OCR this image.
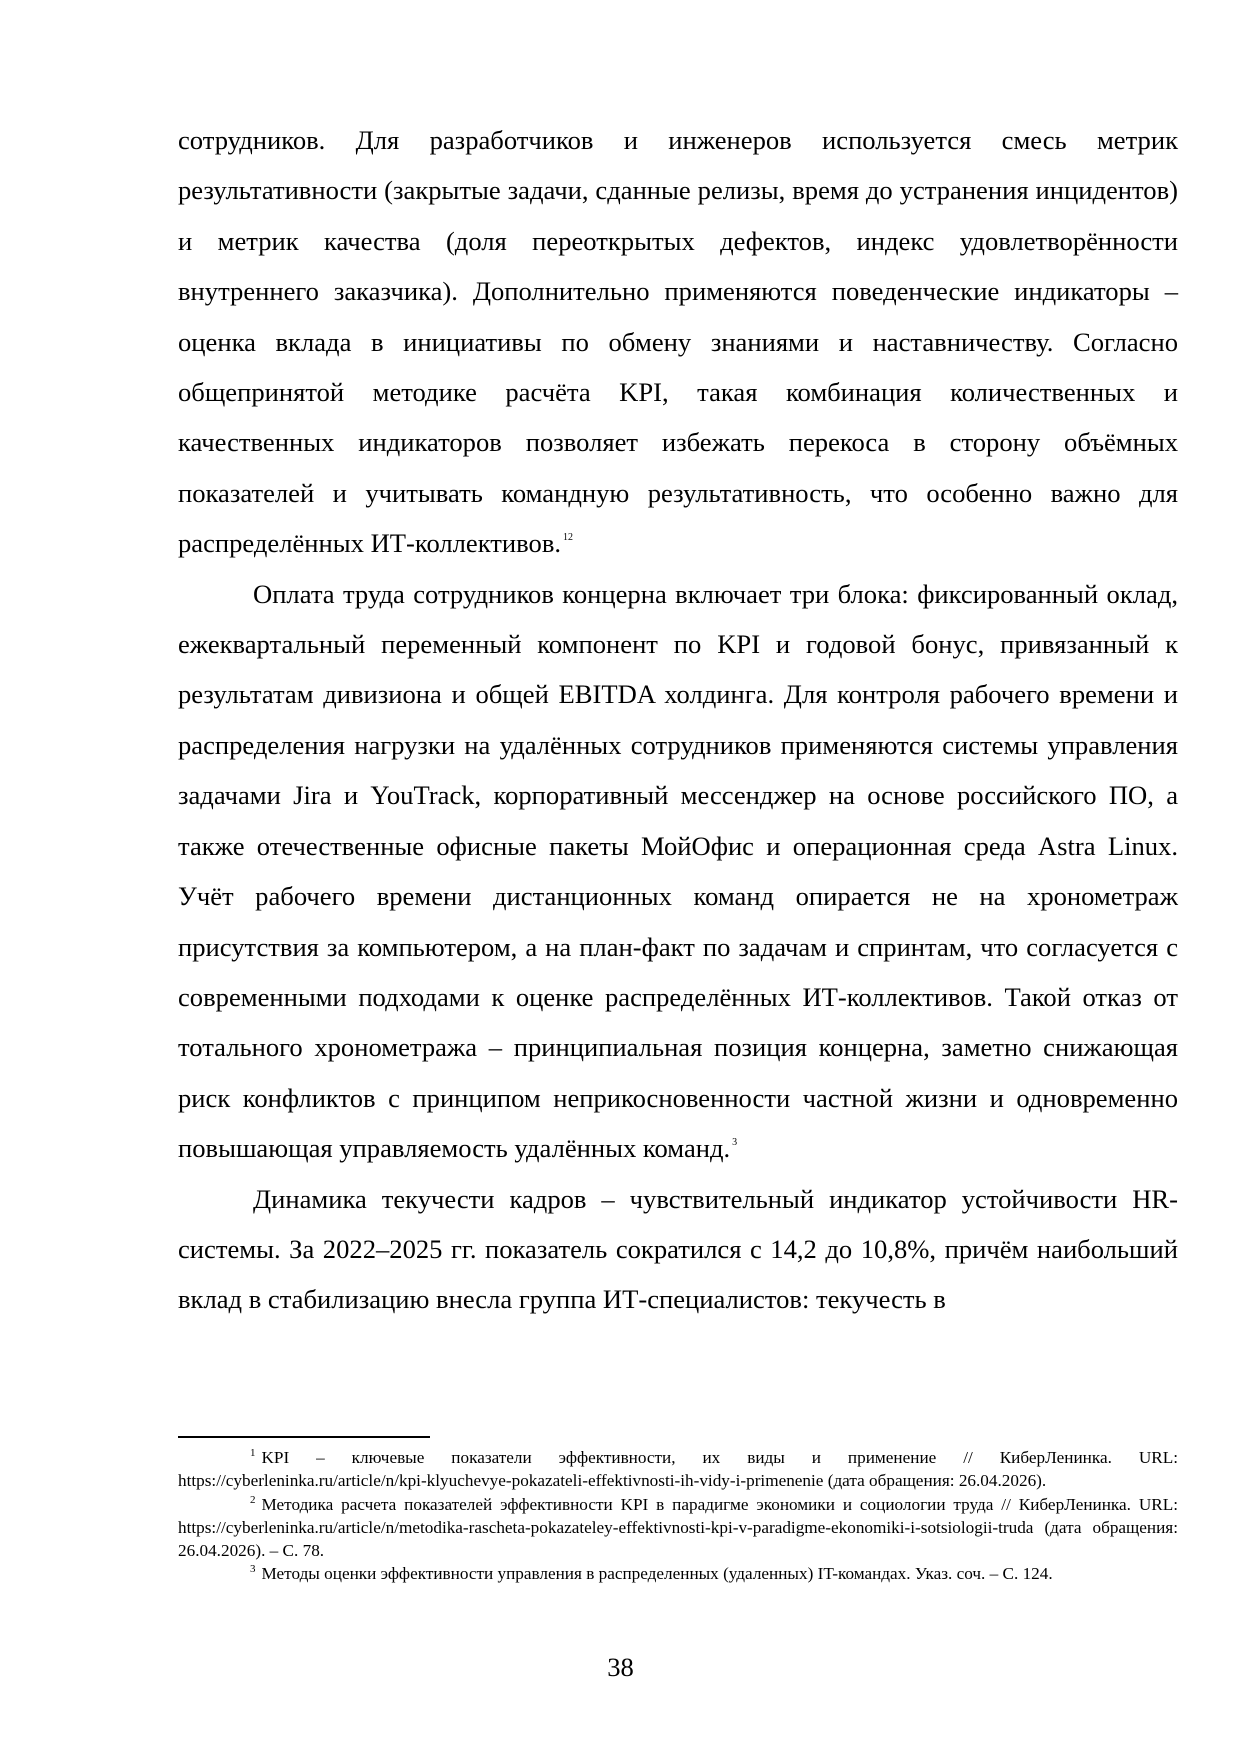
сотрудников. Для разработчиков и инженеров используется смесь метрик результативности (закрытые задачи, сданные релизы, время до устранения инцидентов) и метрик качества (доля переоткрытых дефектов, индекс удовлетворённости внутреннего заказчика). Дополнительно применяются поведенческие индикаторы – оценка вклада в инициативы по обмену знаниями и наставничеству. Согласно общепринятой методике расчёта KPI, такая комбинация количественных и качественных индикаторов позволяет избежать перекоса в сторону объёмных показателей и учитывать командную результативность, что особенно важно для распределённых ИТ-коллективов. $^{12}$

Оплата труда сотрудников концерна включает три блока: фиксированный оклад, ежеквартальный переменный компонент по KPI и годовой бонус, привязанный к результатам дивизиона и общей EBITDA холдинга. Для контроля рабочего времени и распределения нагрузки на удалённых сотрудников применяются системы управления задачами Jira и YouTrack, корпоративный мессенджер на основе российского ПО, а также отечественные офисные пакеты МойОфис и операционная среда Astra Linux. Учёт рабочего времени дистанционных команд опирается не на хронометраж присутствия за компьютером, а на план-факт по задачам и спринтам, что согласуется с современными подходами к оценке распределённых ИТ-коллективов. Такой отказ от тотального хронометража – принципиальная позиция концерна, заметно снижающая риск конфликтов с принципом неприкосновенности частной жизни и одновременно повышающая управляемость удалённых команд. $^3$

Динамика текучести кадров – чувствительный индикатор устойчивости HR-системы. За 2022–2025 гг. показатель сократился с 14,2 до 10,8%, причём наибольший вклад в стабилизацию внесла группа ИТ-специалистов: текучесть в

$^1$ KPI – ключевые показатели эффективности, их виды и применение // КиберЛенинка. URL: https://cyberleninka.ru/article/n/kpi-klyuchevye-pokazateli-effektivnosti-ih-vidy-i-primenenie (дата обращения: 26.04.2026).

$^2$ Методика расчета показателей эффективности KPI в парадигме экономики и социологии труда // КиберЛенинка. URL: https://cyberleninka.ru/article/n/metodika-rascheta-pokazateley-effektivnosti-kpi-v-paradigme-ekonomiki-i-sotsiologii-truda (дата обращения: 26.04.2026). – С. 78.

$^3$ Методы оценки эффективности управления в распределенных (удаленных) IT-командах. Указ. соч. – С. 124.

38
